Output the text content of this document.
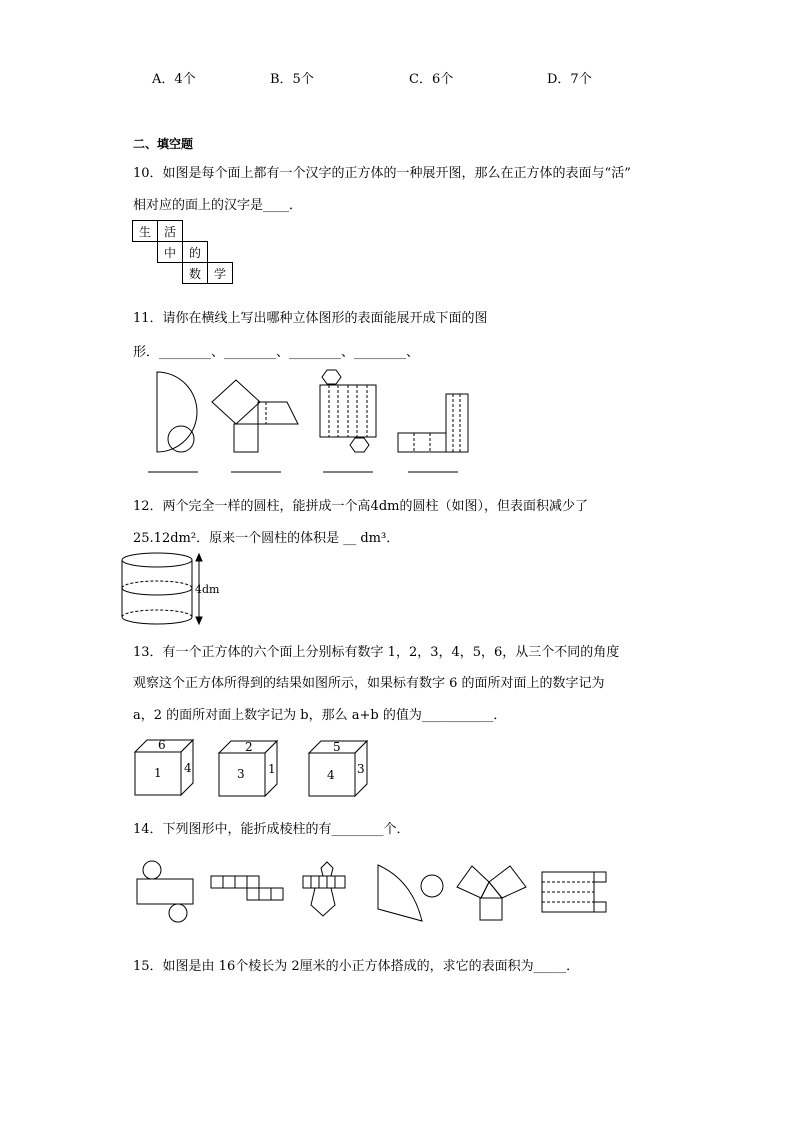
A．4个	B．5个	C．6个	D．7个
二、填空题
10．如图是每个面上都有一个汉字的正方体的一种展开图，那么在正方体的表面与“活”
相对应的面上的汉字是____．
生	活		
	中	的	
		数	学
11．请你在横线上写出哪种立体图形的表面能展开成下面的图
形．________、________、________、________、
12．两个完全一样的圆柱，能拼成一个高4dm的圆柱（如图），但表面积减少了
25.12dm²．原来一个圆柱的体积是 __ dm³．
4dm
13．有一个正方体的六个面上分别标有数字 1，2，3，4，5，6，从三个不同的角度
观察这个正方体所得到的结果如图所示，如果标有数字 6 的面所对面上的数字记为
a，2 的面所对面上数字记为 b，那么 a+b 的值为___________．
6
1 4
2
3 1
5
4 3
14．下列图形中，能折成棱柱的有________个．
15．如图是由 16个棱长为 2厘米的小正方体搭成的，求它的表面积为_____．
